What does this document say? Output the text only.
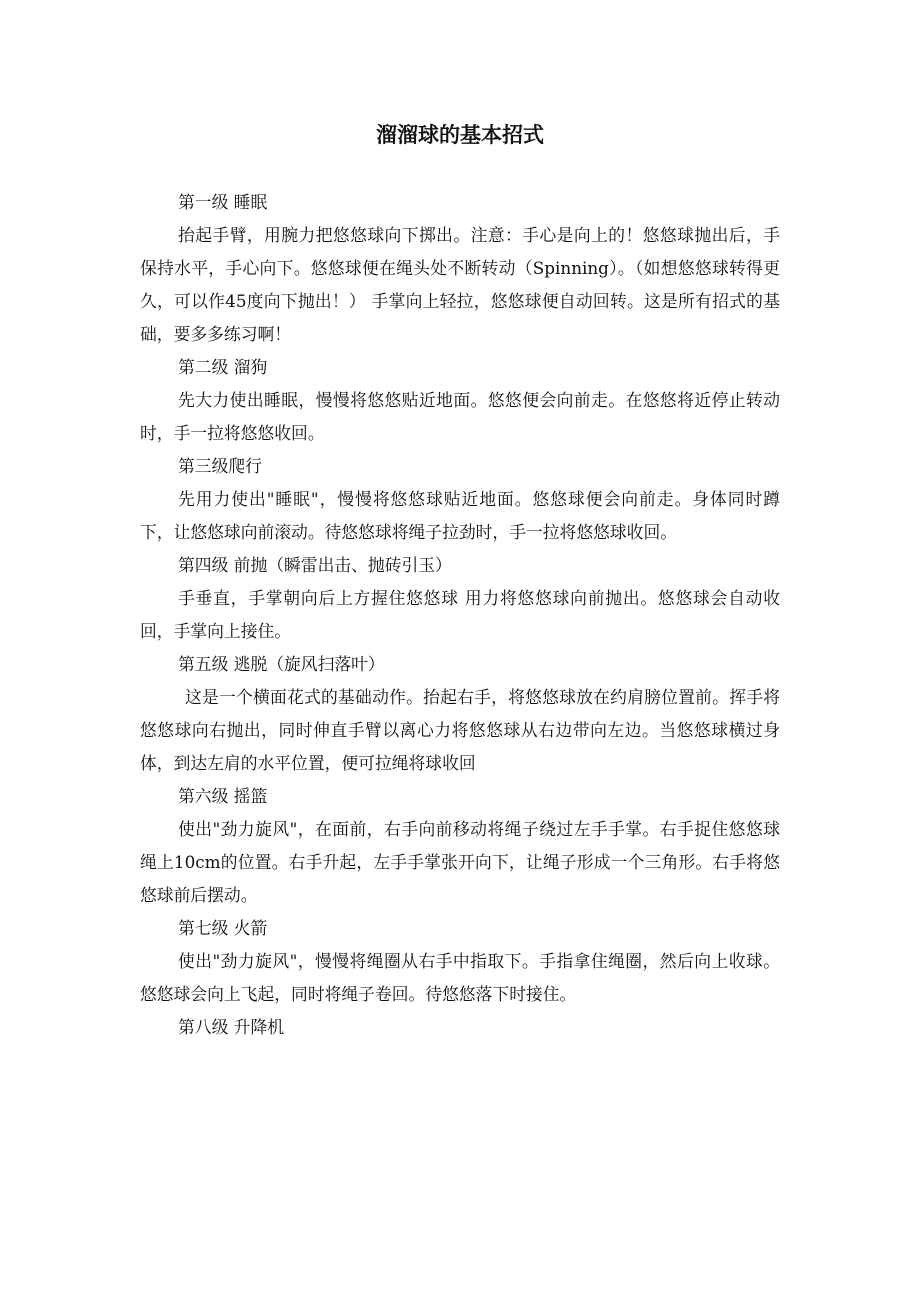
溜溜球的基本招式
第一级 睡眠

抬起手臂，用腕力把悠悠球向下掷出。注意：手心是向上的！悠悠球抛出后，手保持水平，手心向下。悠悠球便在绳头处不断转动（Spinning）。（如想悠悠球转得更久，可以作45度向下抛出！） 手掌向上轻拉，悠悠球便自动回转。这是所有招式的基础，要多多练习啊！

第二级 溜狗

先大力使出睡眠，慢慢将悠悠贴近地面。悠悠便会向前走。在悠悠将近停止转动时，手一拉将悠悠收回。

第三级爬行

先用力使出"睡眠"，慢慢将悠悠球贴近地面。悠悠球便会向前走。身体同时蹲下，让悠悠球向前滚动。待悠悠球将绳子拉劲时，手一拉将悠悠球收回。

第四级 前抛（瞬雷出击、抛砖引玉）

手垂直，手掌朝向后上方握住悠悠球 用力将悠悠球向前抛出。悠悠球会自动收回，手掌向上接住。

第五级 逃脱（旋风扫落叶）

这是一个横面花式的基础动作。抬起右手，将悠悠球放在约肩膀位置前。挥手将悠悠球向右抛出，同时伸直手臂以离心力将悠悠球从右边带向左边。当悠悠球横过身体，到达左肩的水平位置，便可拉绳将球收回

第六级 摇篮

使出"劲力旋风"，在面前，右手向前移动将绳子绕过左手手掌。右手捉住悠悠球绳上10cm的位置。右手升起，左手手掌张开向下，让绳子形成一个三角形。右手将悠悠球前后摆动。

第七级 火箭

使出"劲力旋风"，慢慢将绳圈从右手中指取下。手指拿住绳圈，然后向上收球。悠悠球会向上飞起，同时将绳子卷回。待悠悠落下时接住。

第八级 升降机
